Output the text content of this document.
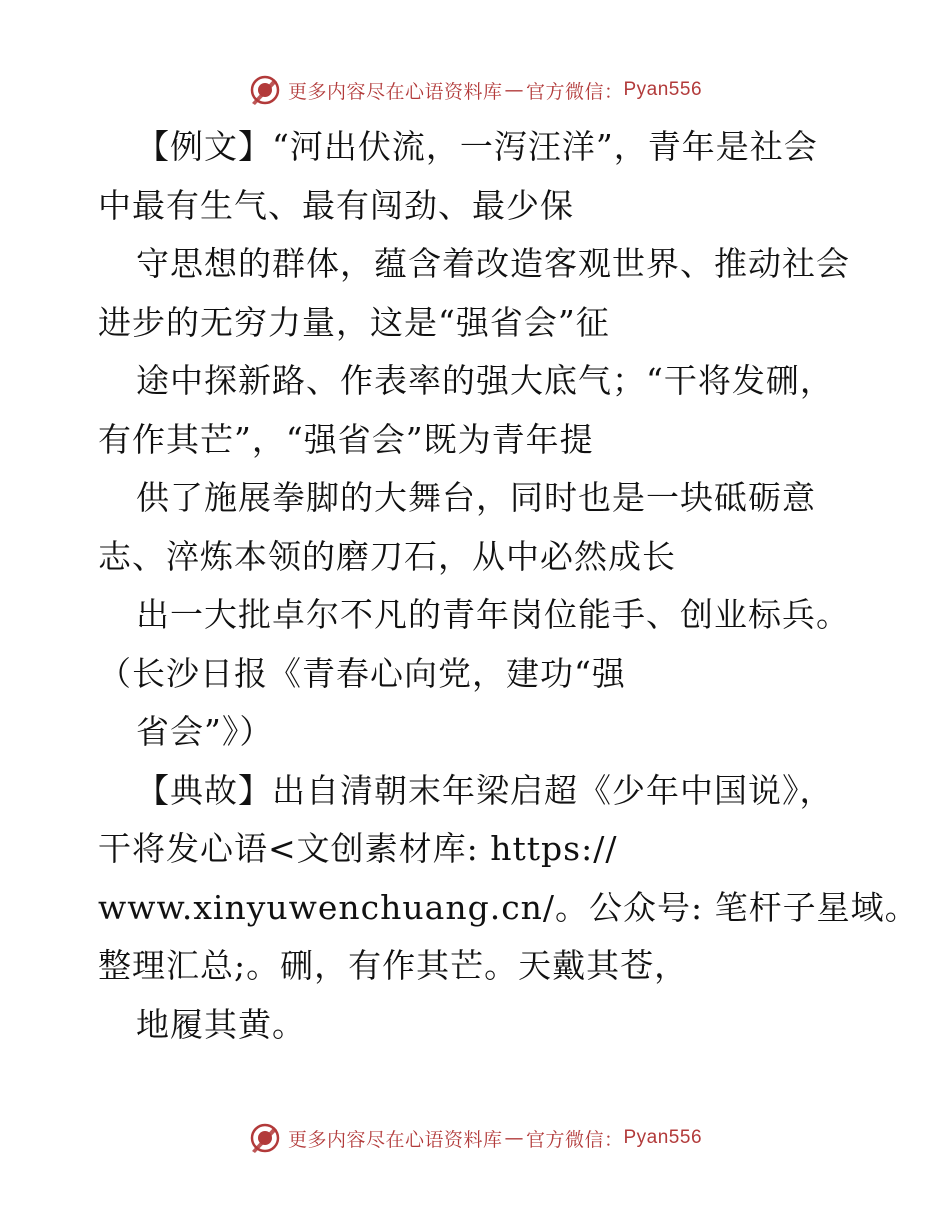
更多内容尽在心语资料库 — 官方微信： Pyan556
【例文】“河出伏流，一泻汪洋”，青年是社会
中最有生气、最有闯劲、最少保
守思想的群体，蕴含着改造客观世界、推动社会
进步的无穷力量，这是“强省会”征
途中探新路、作表率的强大底气；“干将发硎，
有作其芒”，“强省会”既为青年提
供了施展拳脚的大舞台，同时也是一块砥砺意
志、淬炼本领的磨刀石，从中必然成长
出一大批卓尔不凡的青年岗位能手、创业标兵。
（长沙日报《青春心向党，建功“强
省会”》）
【典故】出自清朝末年梁启超《少年中国说》，
干将发心语<文创素材库: https://
www.xinyuwenchuang.cn/。公众号: 笔杆子星域。
整理汇总;。硎，有作其芒。天戴其苍，
地履其黄。
更多内容尽在心语资料库 — 官方微信： Pyan556
